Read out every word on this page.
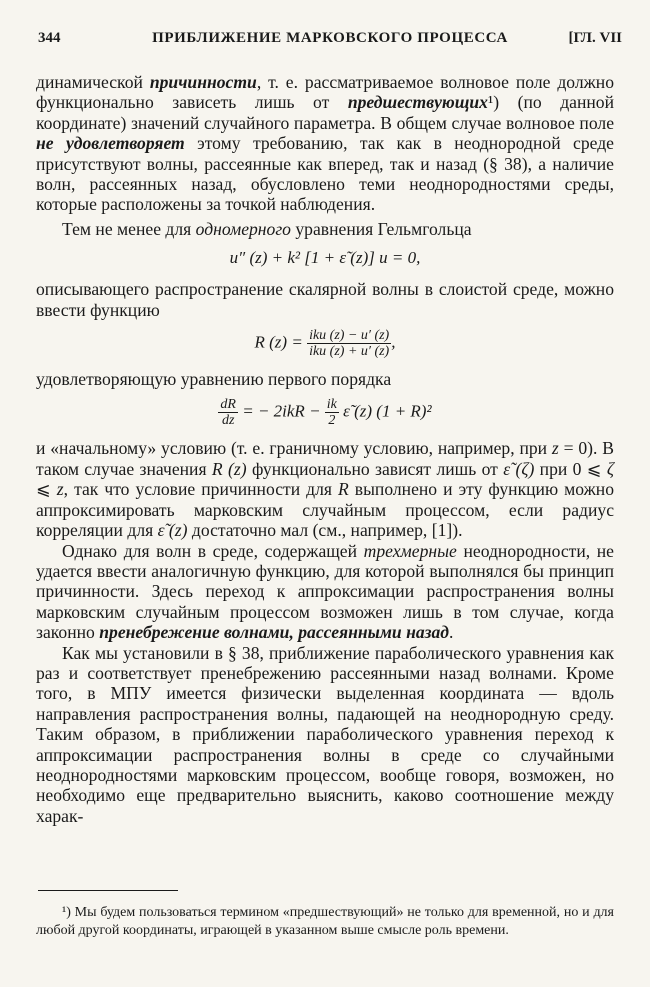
344	ПРИБЛИЖЕНИЕ МАРКОВСКОГО ПРОЦЕССА	[ГЛ. VII

динамической причинности, т. е. рассматриваемое волновое поле должно функционально зависеть лишь от предшествующих¹) (по данной координате) значений случайного параметра. В общем случае волновое поле не удовлетворяет этому требованию, так как в неоднородной среде присутствуют волны, рассеянные как вперед, так и назад (§ 38), а наличие волн, рассеянных назад, обусловлено теми неоднородностями среды, которые расположены за точкой наблюдения.

Тем не менее для одномерного уравнения Гельмгольца

u″ (z) + k² [1 + ε̃ (z)] u = 0,

описывающего распространение скалярной волны в слоистой среде, можно ввести функцию

R $(z) = \frac{\text{iku (z) − u′ (z)}}{\text{iku (z) + u′ (z)}}$ ,

удовлетворяющую уравнению первого порядка

$\frac{dR}{dz}$ = − $2ikR - \frac{ik}{2}$ ε̃ (z) (1 + R)²

и «начальному» условию (т. е. граничному условию, например, при z = 0). В таком случае значения R (z) функционально зависят лишь от ε̃ (ζ) при 0 ⩽ ζ ⩽ z, так что условие причинности для R выполнено и эту функцию можно аппроксимировать марковским случайным процессом, если радиус корреляции для ε̃ (z) достаточно мал (см., например, [1]).

Однако для волн в среде, содержащей трехмерные неоднородности, не удается ввести аналогичную функцию, для которой выполнялся бы принцип причинности. Здесь переход к аппроксимации распространения волны марковским случайным процессом возможен лишь в том случае, когда законно пренебрежение волнами, рассеянными назад.

Как мы установили в § 38, приближение параболического уравнения как раз и соответствует пренебрежению рассеянными назад волнами. Кроме того, в МПУ имеется физически выделенная координата — вдоль направления распространения волны, падающей на неоднородную среду. Таким образом, в приближении параболического уравнения переход к аппроксимации распространения волны в среде со случайными неоднородностями марковским процессом, вообще говоря, возможен, но необходимо еще предварительно выяснить, каково соотношение между харак-

¹) Мы будем пользоваться термином «предшествующий» не только для временной, но и для любой другой координаты, играющей в указанном выше смысле роль времени.
